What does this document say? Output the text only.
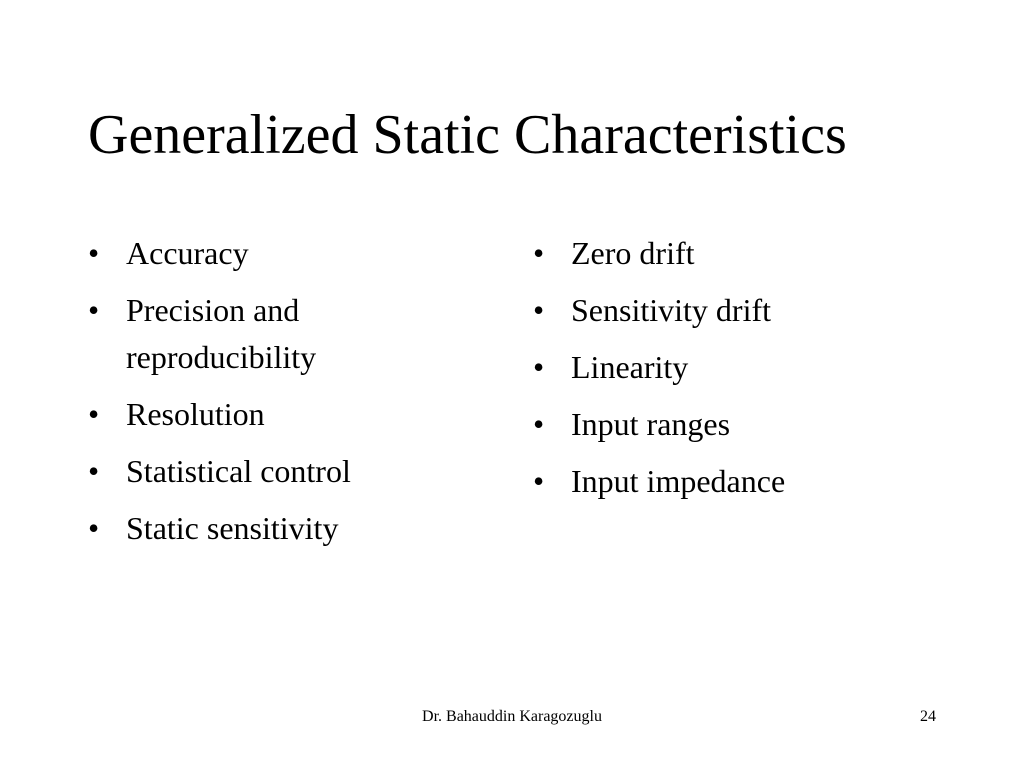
Generalized Static Characteristics
• Accuracy
• Precision and reproducibility
• Resolution
• Statistical control
• Static sensitivity
• Zero drift
• Sensitivity drift
• Linearity
• Input ranges
• Input impedance
Dr. Bahauddin Karagozuglu	24
